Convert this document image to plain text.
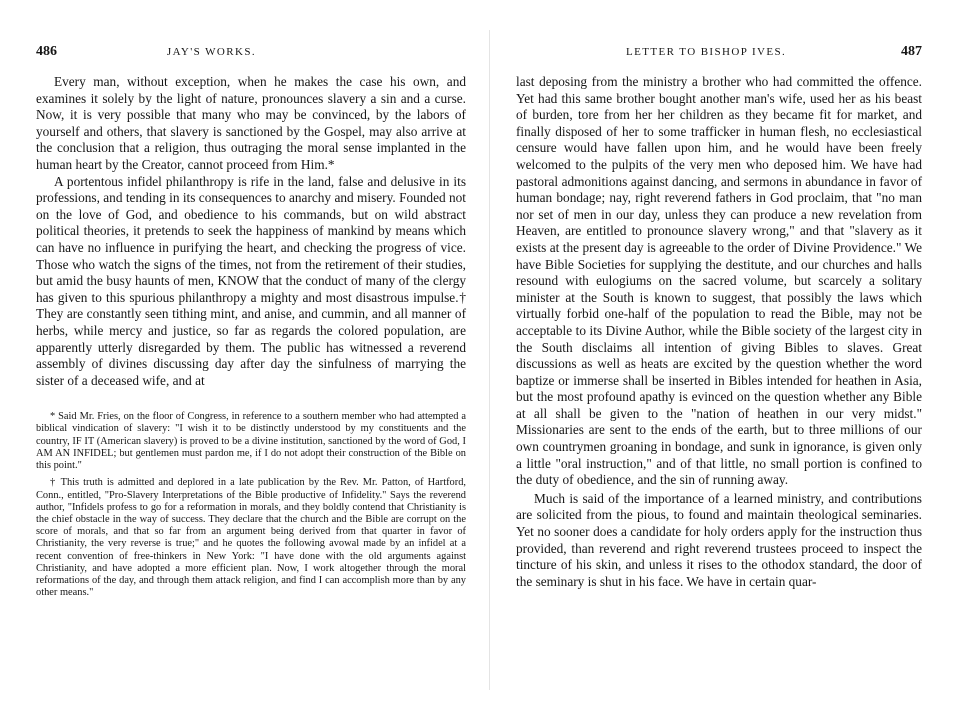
486	JAY'S WORKS.

Every man, without exception, when he makes the case his own, and examines it solely by the light of nature, pronounces slavery a sin and a curse. Now, it is very possible that many who may be convinced, by the labors of yourself and others, that slavery is sanctioned by the Gospel, may also arrive at the conclusion that a religion, thus outraging the moral sense implanted in the human heart by the Creator, cannot proceed from Him.*

A portentous infidel philanthropy is rife in the land, false and delusive in its professions, and tending in its consequences to anarchy and misery. Founded not on the love of God, and obedience to his commands, but on wild abstract political theories, it pretends to seek the happiness of mankind by means which can have no influence in purifying the heart, and checking the progress of vice. Those who watch the signs of the times, not from the retirement of their studies, but amid the busy haunts of men, KNOW that the conduct of many of the clergy has given to this spurious philanthropy a mighty and most disastrous impulse.† They are constantly seen tithing mint, and anise, and cummin, and all manner of herbs, while mercy and justice, so far as regards the colored population, are apparently utterly disregarded by them. The public has witnessed a reverend assembly of divines discussing day after day the sinfulness of marrying the sister of a deceased wife, and at

* Said Mr. Fries, on the floor of Congress, in reference to a southern member who had attempted a biblical vindication of slavery: "I wish it to be distinctly understood by my constituents and the country, IF IT (American slavery) is proved to be a divine institution, sanctioned by the word of God, I AM AN INFIDEL; but gentlemen must pardon me, if I do not adopt their construction of the Bible on this point."

† This truth is admitted and deplored in a late publication by the Rev. Mr. Patton, of Hartford, Conn., entitled, "Pro-Slavery Interpretations of the Bible productive of Infidelity." Says the reverend author, "Infidels profess to go for a reformation in morals, and they boldly contend that Christianity is the chief obstacle in the way of success. They declare that the church and the Bible are corrupt on the score of morals, and that so far from an argument being derived from that quarter in favor of Christianity, the very reverse is true;" and he quotes the following avowal made by an infidel at a recent convention of free-thinkers in New York: "I have done with the old arguments against Christianity, and have adopted a more efficient plan. Now, I work altogether through the moral reformations of the day, and through them attack religion, and find I can accomplish more than by any other means."

LETTER TO BISHOP IVES.	487

last deposing from the ministry a brother who had committed the offence. Yet had this same brother bought another man's wife, used her as his beast of burden, tore from her her children as they became fit for market, and finally disposed of her to some trafficker in human flesh, no ecclesiastical censure would have fallen upon him, and he would have been freely welcomed to the pulpits of the very men who deposed him. We have had pastoral admonitions against dancing, and sermons in abundance in favor of human bondage; nay, right reverend fathers in God proclaim, that "no man nor set of men in our day, unless they can produce a new revelation from Heaven, are entitled to pronounce slavery wrong," and that "slavery as it exists at the present day is agreeable to the order of Divine Providence." We have Bible Societies for supplying the destitute, and our churches and halls resound with eulogiums on the sacred volume, but scarcely a solitary minister at the South is known to suggest, that possibly the laws which virtually forbid one-half of the population to read the Bible, may not be acceptable to its Divine Author, while the Bible society of the largest city in the South disclaims all intention of giving Bibles to slaves. Great discussions as well as heats are excited by the question whether the word baptize or immerse shall be inserted in Bibles intended for heathen in Asia, but the most profound apathy is evinced on the question whether any Bible at all shall be given to the "nation of heathen in our very midst." Missionaries are sent to the ends of the earth, but to three millions of our own countrymen groaning in bondage, and sunk in ignorance, is given only a little "oral instruction," and of that little, no small portion is confined to the duty of obedience, and the sin of running away.

Much is said of the importance of a learned ministry, and contributions are solicited from the pious, to found and maintain theological seminaries. Yet no sooner does a candidate for holy orders apply for the instruction thus provided, than reverend and right reverend trustees proceed to inspect the tincture of his skin, and unless it rises to the othodox standard, the door of the seminary is shut in his face. We have in certain quar-
